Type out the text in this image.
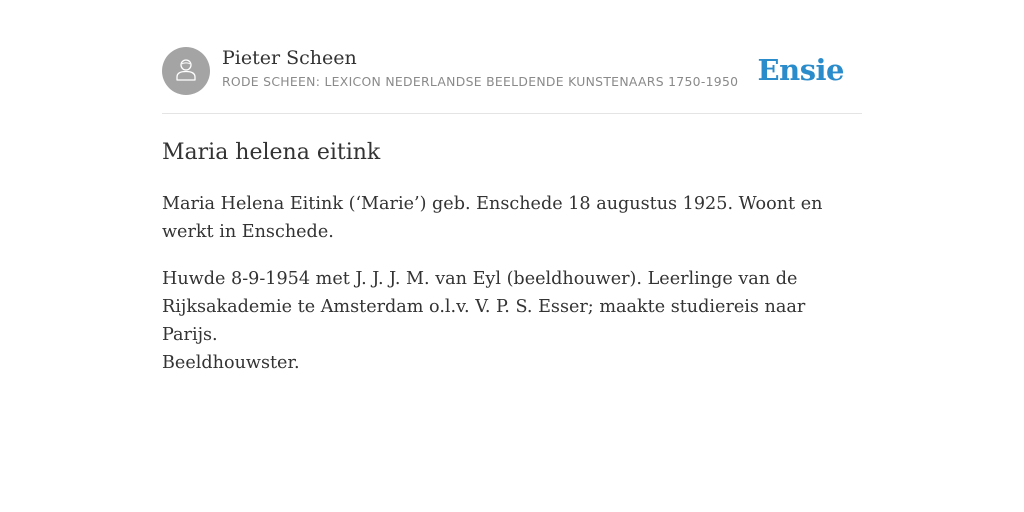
Pieter Scheen
RODE SCHEEN: LEXICON NEDERLANDSE BEELDENDE KUNSTENAARS 1750-1950 Ensie
Maria helena eitink

Maria Helena Eitink (‘Marie’) geb. Enschede 18 augustus 1925. Woont en werkt in Enschede.

Huwde 8-9-1954 met J. J. J. M. van Eyl (beeldhouwer). Leerlinge van de Rijksakademie te Amsterdam o.l.v. V. P. S. Esser; maakte studiereis naar Parijs.

Beeldhouwster.
